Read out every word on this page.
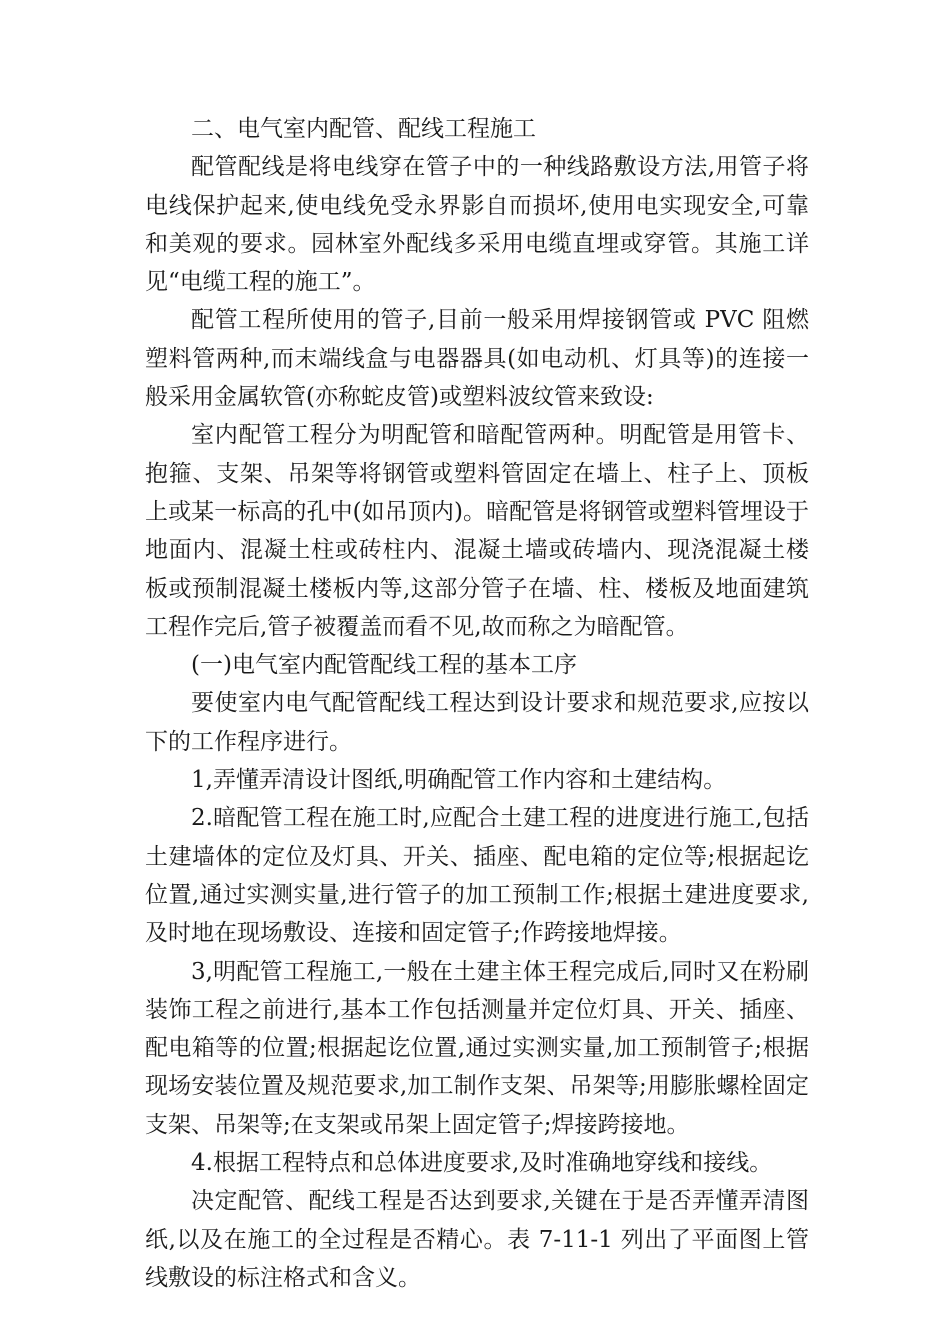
二、电气室内配管、配线工程施工

配管配线是将电线穿在管子中的一种线路敷设方法,用管子将电线保护起来,使电线免受永界影自而损坏,使用电实现安全,可靠和美观的要求。园林室外配线多采用电缆直埋或穿管。其施工详见“电缆工程的施工”。

配管工程所使用的管子,目前一般采用焊接钢管或 PVC 阻燃塑料管两种,而末端线盒与电器器具(如电动机、灯具等)的连接一般采用金属软管(亦称蛇皮管)或塑料波纹管来致设:

室内配管工程分为明配管和暗配管两种。明配管是用管卡、抱箍、支架、吊架等将钢管或塑料管固定在墙上、柱子上、顶板上或某一标高的孔中(如吊顶内)。暗配管是将钢管或塑料管埋设于地面内、混凝土柱或砖柱内、混凝土墙或砖墙内、现浇混凝土楼板或预制混凝土楼板内等,这部分管子在墙、柱、楼板及地面建筑工程作完后,管子被覆盖而看不见,故而称之为暗配管。

(一)电气室内配管配线工程的基本工序

要使室内电气配管配线工程达到设计要求和规范要求,应按以下的工作程序进行。

1,弄懂弄清设计图纸,明确配管工作内容和土建结构。

2.暗配管工程在施工时,应配合土建工程的进度进行施工,包括土建墙体的定位及灯具、开关、插座、配电箱的定位等;根据起讫位置,通过实测实量,进行管子的加工预制工作;根据土建进度要求,及时地在现场敷设、连接和固定管子;作跨接地焊接。

3,明配管工程施工,一般在土建主体王程完成后,同时又在粉刷装饰工程之前进行,基本工作包括测量并定位灯具、开关、插座、配电箱等的位置;根据起讫位置,通过实测实量,加工预制管子;根据现场安装位置及规范要求,加工制作支架、吊架等;用膨胀螺栓固定支架、吊架等;在支架或吊架上固定管子;焊接跨接地。

4.根据工程特点和总体进度要求,及时准确地穿线和接线。

决定配管、配线工程是否达到要求,关键在于是否弄懂弄清图纸,以及在施工的全过程是否精心。表 7-11-1 列出了平面图上管线敷设的标注格式和含义。
